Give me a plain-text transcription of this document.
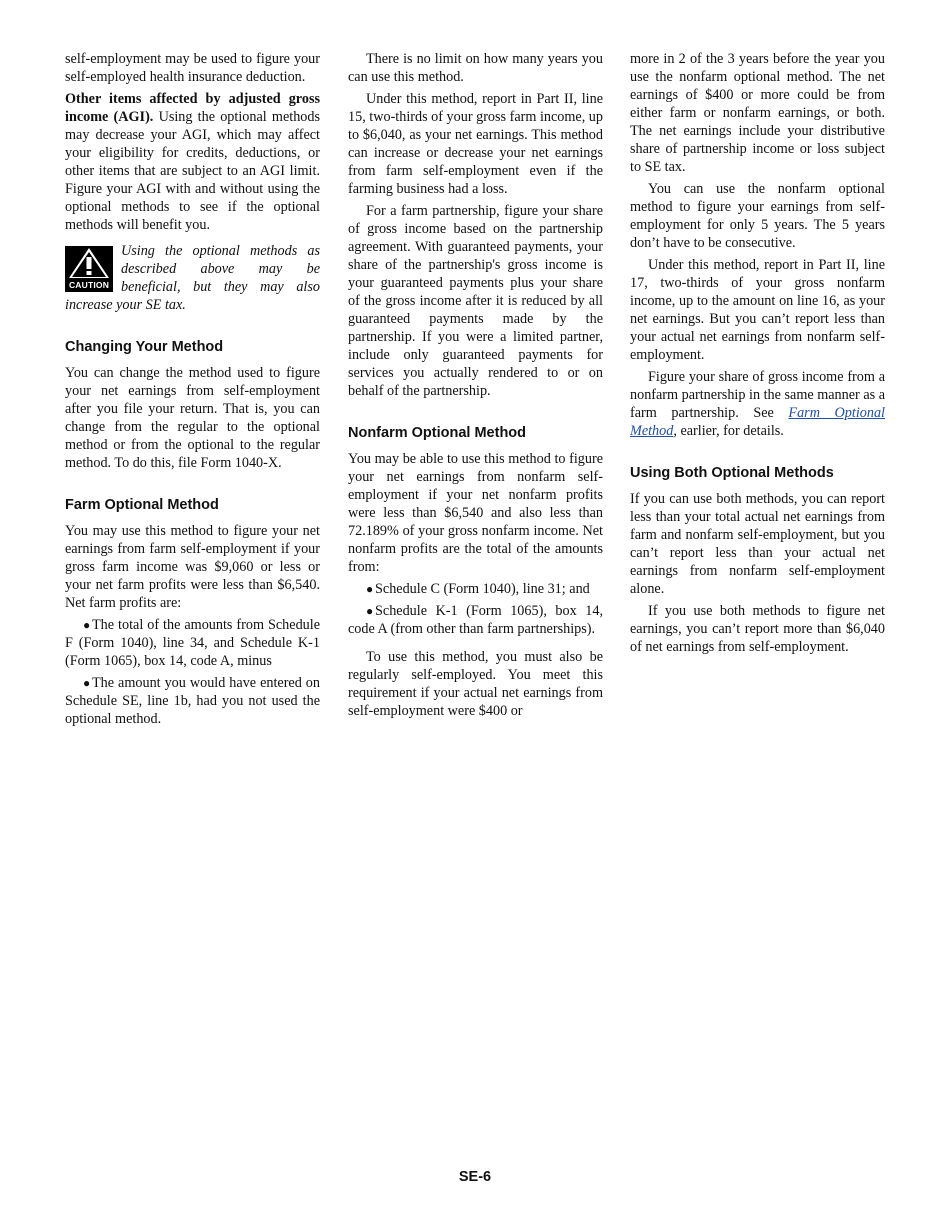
self-employment may be used to figure your self-employed health insurance deduction.

Other items affected by adjusted gross income (AGI). Using the optional methods may decrease your AGI, which may affect your eligibility for credits, deductions, or other items that are subject to an AGI limit. Figure your AGI with and without using the optional methods to see if the optional methods will benefit you.

CAUTION
Using the optional methods as described above may be beneficial, but they may also increase your SE tax.
Changing Your Method

You can change the method used to figure your net earnings from self-employment after you file your return. That is, you can change from the regular to the optional method or from the optional to the regular method. To do this, file Form 1040-X.

Farm Optional Method

You may use this method to figure your net earnings from farm self-employment if your gross farm income was $9,060 or less or your net farm profits were less than $6,540. Net farm profits are:

● The total of the amounts from Schedule F (Form 1040), line 34, and Schedule K-1 (Form 1065), box 14, code A, minus
● The amount you would have entered on Schedule SE, line 1b, had you not used the optional method.

There is no limit on how many years you can use this method.

Under this method, report in Part II, line 15, two-thirds of your gross farm income, up to $6,040, as your net earnings. This method can increase or decrease your net earnings from farm self-employment even if the farming business had a loss.

For a farm partnership, figure your share of gross income based on the partnership agreement. With guaranteed payments, your share of the partnership's gross income is your guaranteed payments plus your share of the gross income after it is reduced by all guaranteed payments made by the partnership. If you were a limited partner, include only guaranteed payments for services you actually rendered to or on behalf of the partnership.

Nonfarm Optional Method

You may be able to use this method to figure your net earnings from nonfarm self-employment if your net nonfarm profits were less than $6,540 and also less than 72.189% of your gross nonfarm income. Net nonfarm profits are the total of the amounts from:

● Schedule C (Form 1040), line 31; and
● Schedule K-1 (Form 1065), box 14, code A (from other than farm partnerships).

To use this method, you must also be regularly self-employed. You meet this requirement if your actual net earnings from self-employment were $400 or

more in 2 of the 3 years before the year you use the nonfarm optional method. The net earnings of $400 or more could be from either farm or nonfarm earnings, or both. The net earnings include your distributive share of partnership income or loss subject to SE tax.

You can use the nonfarm optional method to figure your earnings from self-employment for only 5 years. The 5 years don’t have to be consecutive.

Under this method, report in Part II, line 17, two-thirds of your gross nonfarm income, up to the amount on line 16, as your net earnings. But you can’t report less than your actual net earnings from nonfarm self-employment.

Figure your share of gross income from a nonfarm partnership in the same manner as a farm partnership. See Farm Optional Method, earlier, for details.

Using Both Optional Methods

If you can use both methods, you can report less than your total actual net earnings from farm and nonfarm self-employment, but you can’t report less than your actual net earnings from nonfarm self-employment alone.

If you use both methods to figure net earnings, you can’t report more than $6,040 of net earnings from self-employment.

SE-6
